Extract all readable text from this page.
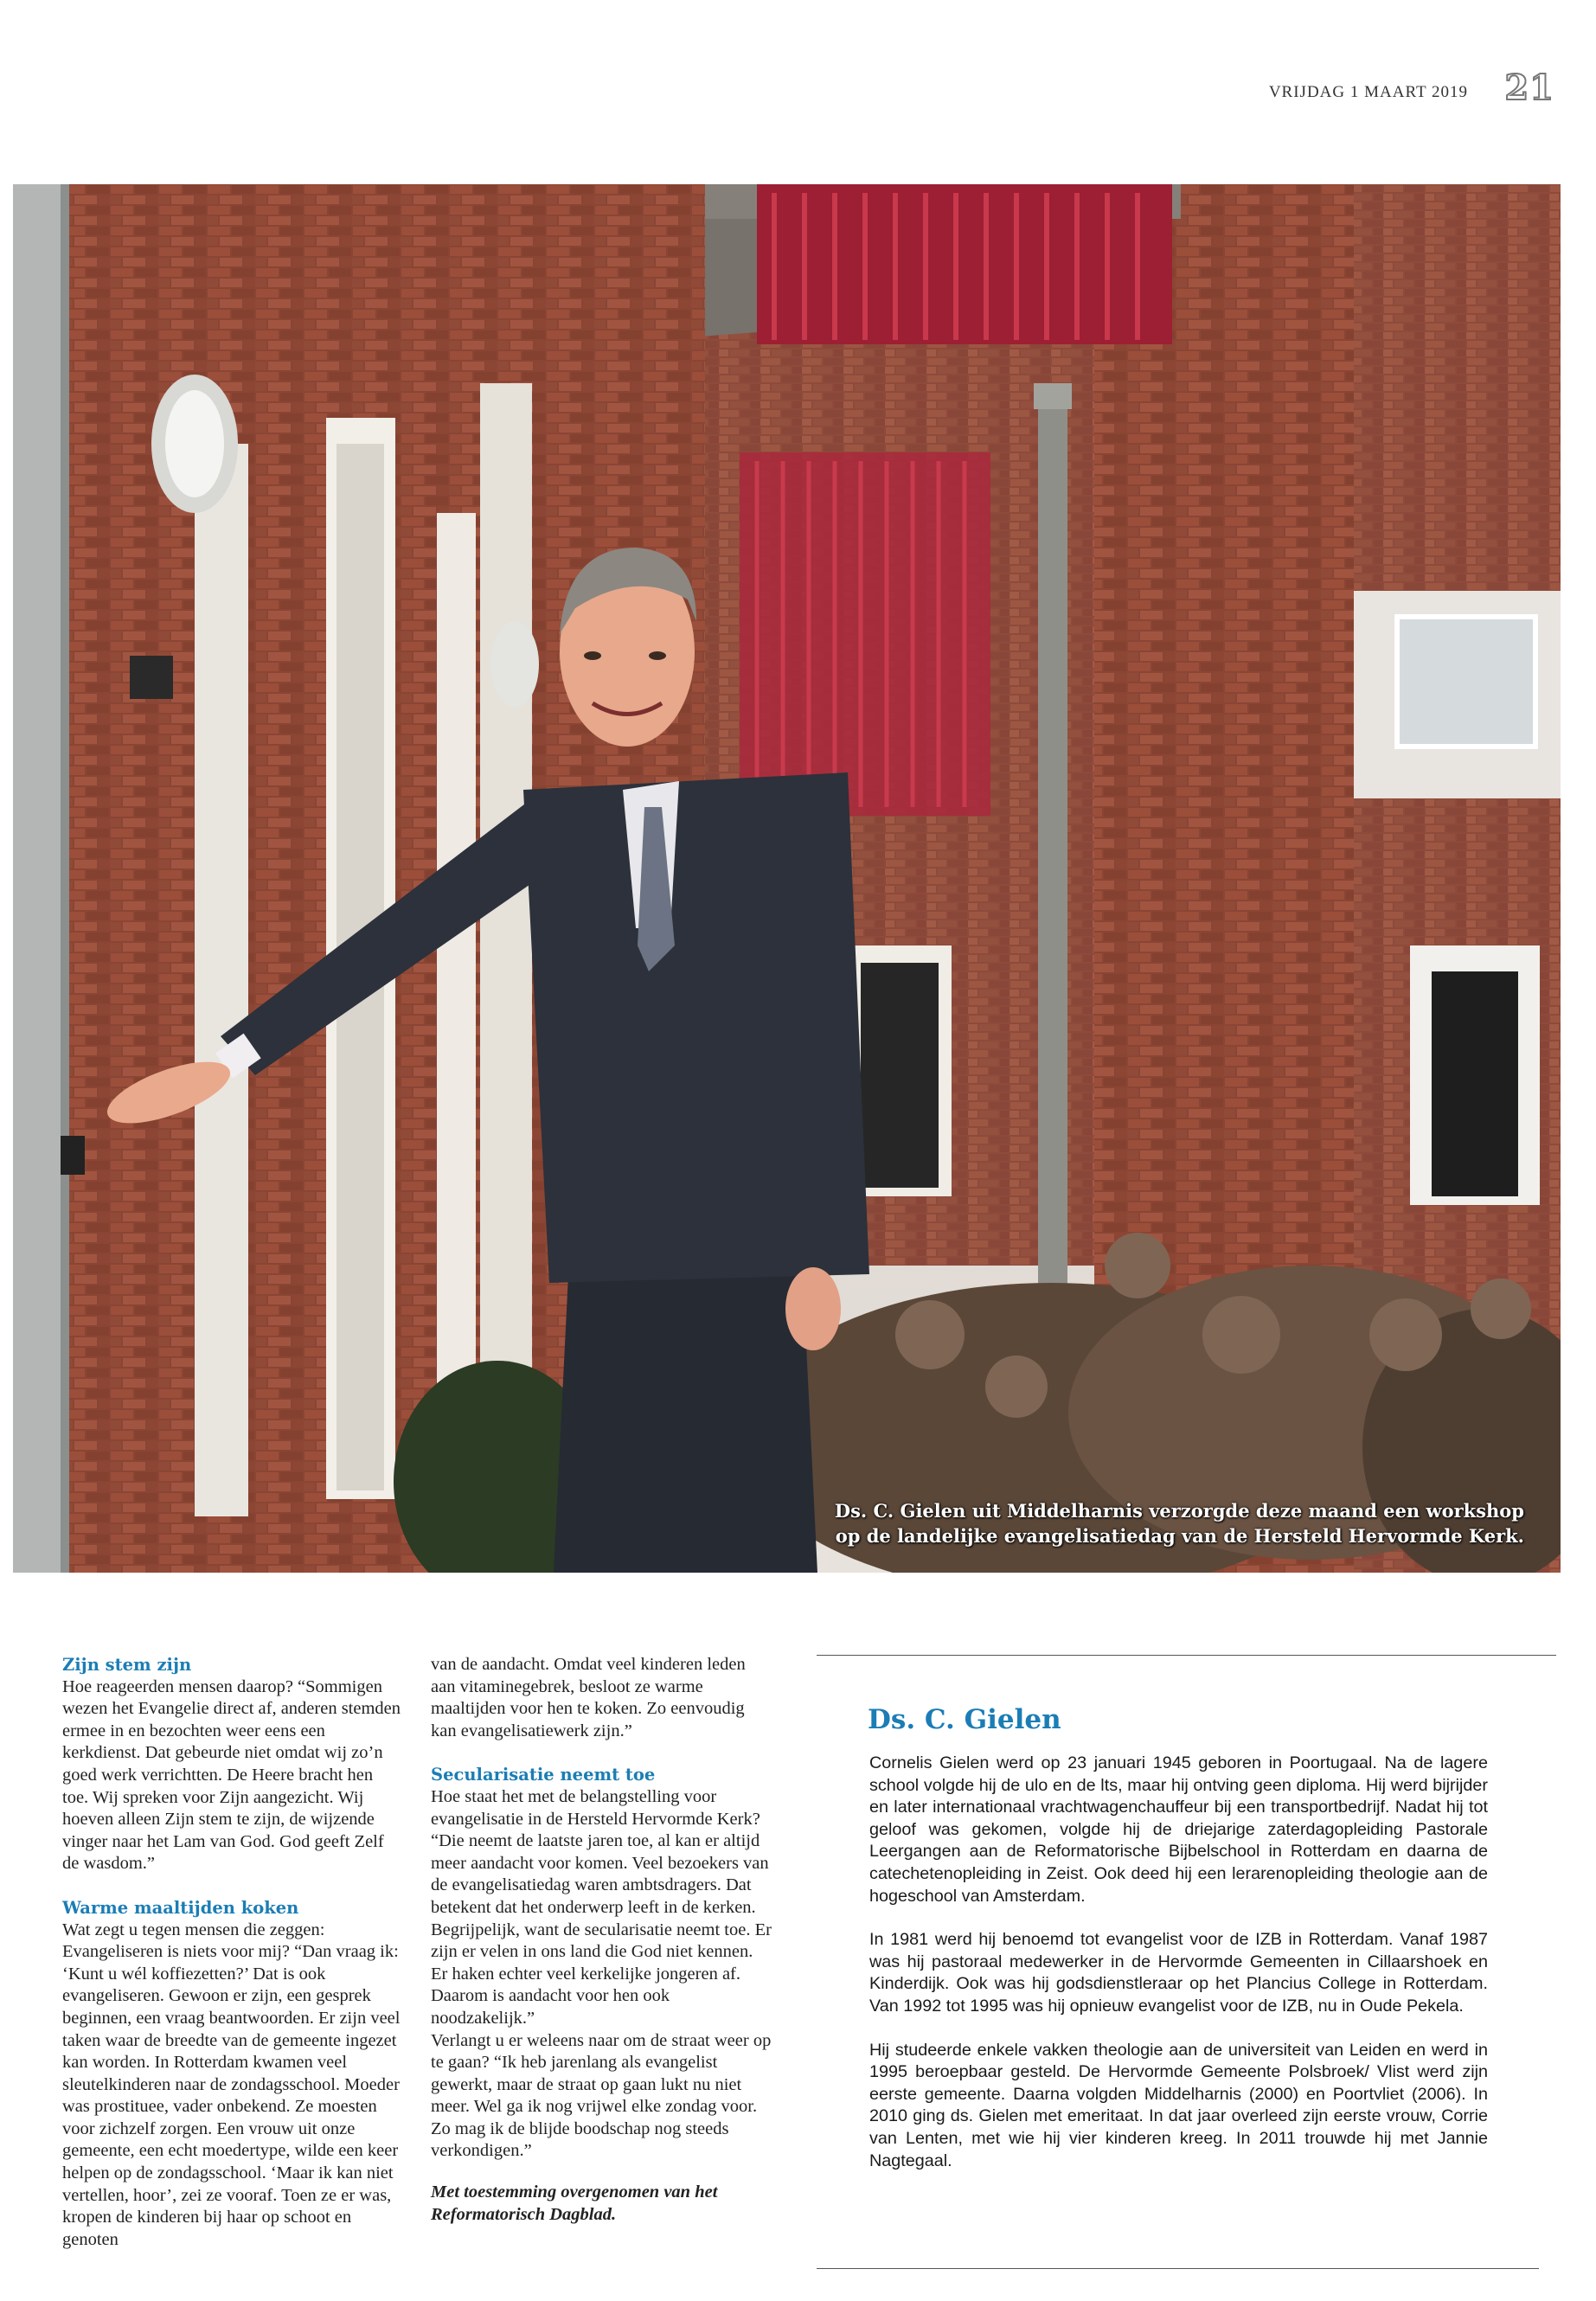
VRIJDAG 1 MAART 2019 21
Ds. C. Gielen uit Middelharnis verzorgde deze maand een workshop
op de landelijke evangelisatiedag van de Hersteld Hervormde Kerk.

Zijn stem zijn

Hoe reageerden mensen daarop? “Sommigen wezen het Evangelie direct af, anderen stemden ermee in en bezochten weer eens een kerkdienst. Dat gebeurde niet omdat wij zo’n goed werk verrichtten. De Heere bracht hen toe. Wij spreken voor Zijn aangezicht. Wij hoeven alleen Zijn stem te zijn, de wijzende vinger naar het Lam van God. God geeft Zelf de wasdom.”

Warme maaltijden koken

Wat zegt u tegen mensen die zeggen: Evangeliseren is niets voor mij? “Dan vraag ik: ‘Kunt u wél koffiezetten?’ Dat is ook evangeliseren. Gewoon er zijn, een gesprek beginnen, een vraag beantwoorden. Er zijn veel taken waar de breedte van de gemeente ingezet kan worden. In Rotterdam kwamen veel sleutelkinderen naar de zondagsschool. Moeder was prostituee, vader onbekend. Ze moesten voor zichzelf zorgen. Een vrouw uit onze gemeente, een echt moedertype, wilde een keer helpen op de zondagsschool. ‘Maar ik kan niet vertellen, hoor’, zei ze vooraf. Toen ze er was, kropen de kinderen bij haar op schoot en genoten

van de aandacht. Omdat veel kinderen leden aan vitaminegebrek, besloot ze warme maaltijden voor hen te koken. Zo eenvoudig kan evangelisatiewerk zijn.”

Secularisatie neemt toe

Hoe staat het met de belangstelling voor evangelisatie in de Hersteld Hervormde Kerk? “Die neemt de laatste jaren toe, al kan er altijd meer aandacht voor komen. Veel bezoekers van de evangelisatiedag waren ambtsdragers. Dat betekent dat het onderwerp leeft in de kerken. Begrijpelijk, want de secularisatie neemt toe. Er zijn er velen in ons land die God niet kennen. Er haken echter veel kerkelijke jongeren af. Daarom is aandacht voor hen ook noodzakelijk.”

Verlangt u er weleens naar om de straat weer op te gaan? “Ik heb jarenlang als evangelist gewerkt, maar de straat op gaan lukt nu niet meer. Wel ga ik nog vrijwel elke zondag voor. Zo mag ik de blijde boodschap nog steeds verkondigen.”

Met toestemming overgenomen van het Reformatorisch Dagblad.

Ds. C. Gielen

Cornelis Gielen werd op 23 januari 1945 geboren in Poortugaal. Na de lagere school volgde hij de ulo en de lts, maar hij ontving geen diploma. Hij werd bijrijder en later internationaal vrachtwagenchauffeur bij een transportbedrijf. Nadat hij tot geloof was gekomen, volgde hij de driejarige zaterdagopleiding Pastorale Leergangen aan de Reformatorische Bijbelschool in Rotterdam en daarna de catechetenopleiding in Zeist. Ook deed hij een lerarenopleiding theologie aan de hogeschool van Amsterdam.

In 1981 werd hij benoemd tot evangelist voor de IZB in Rotterdam. Vanaf 1987 was hij pastoraal medewerker in de Hervormde Gemeenten in Cillaarshoek en Kinderdijk. Ook was hij godsdienstleraar op het Plancius College in Rotterdam. Van 1992 tot 1995 was hij opnieuw evangelist voor de IZB, nu in Oude Pekela.

Hij studeerde enkele vakken theologie aan de universiteit van Leiden en werd in 1995 beroepbaar gesteld. De Hervormde Gemeente Polsbroek/ Vlist werd zijn eerste gemeente. Daarna volgden Middelharnis (2000) en Poortvliet (2006). In 2010 ging ds. Gielen met emeritaat. In dat jaar overleed zijn eerste vrouw, Corrie van Lenten, met wie hij vier kinderen kreeg. In 2011 trouwde hij met Jannie Nagtegaal.
